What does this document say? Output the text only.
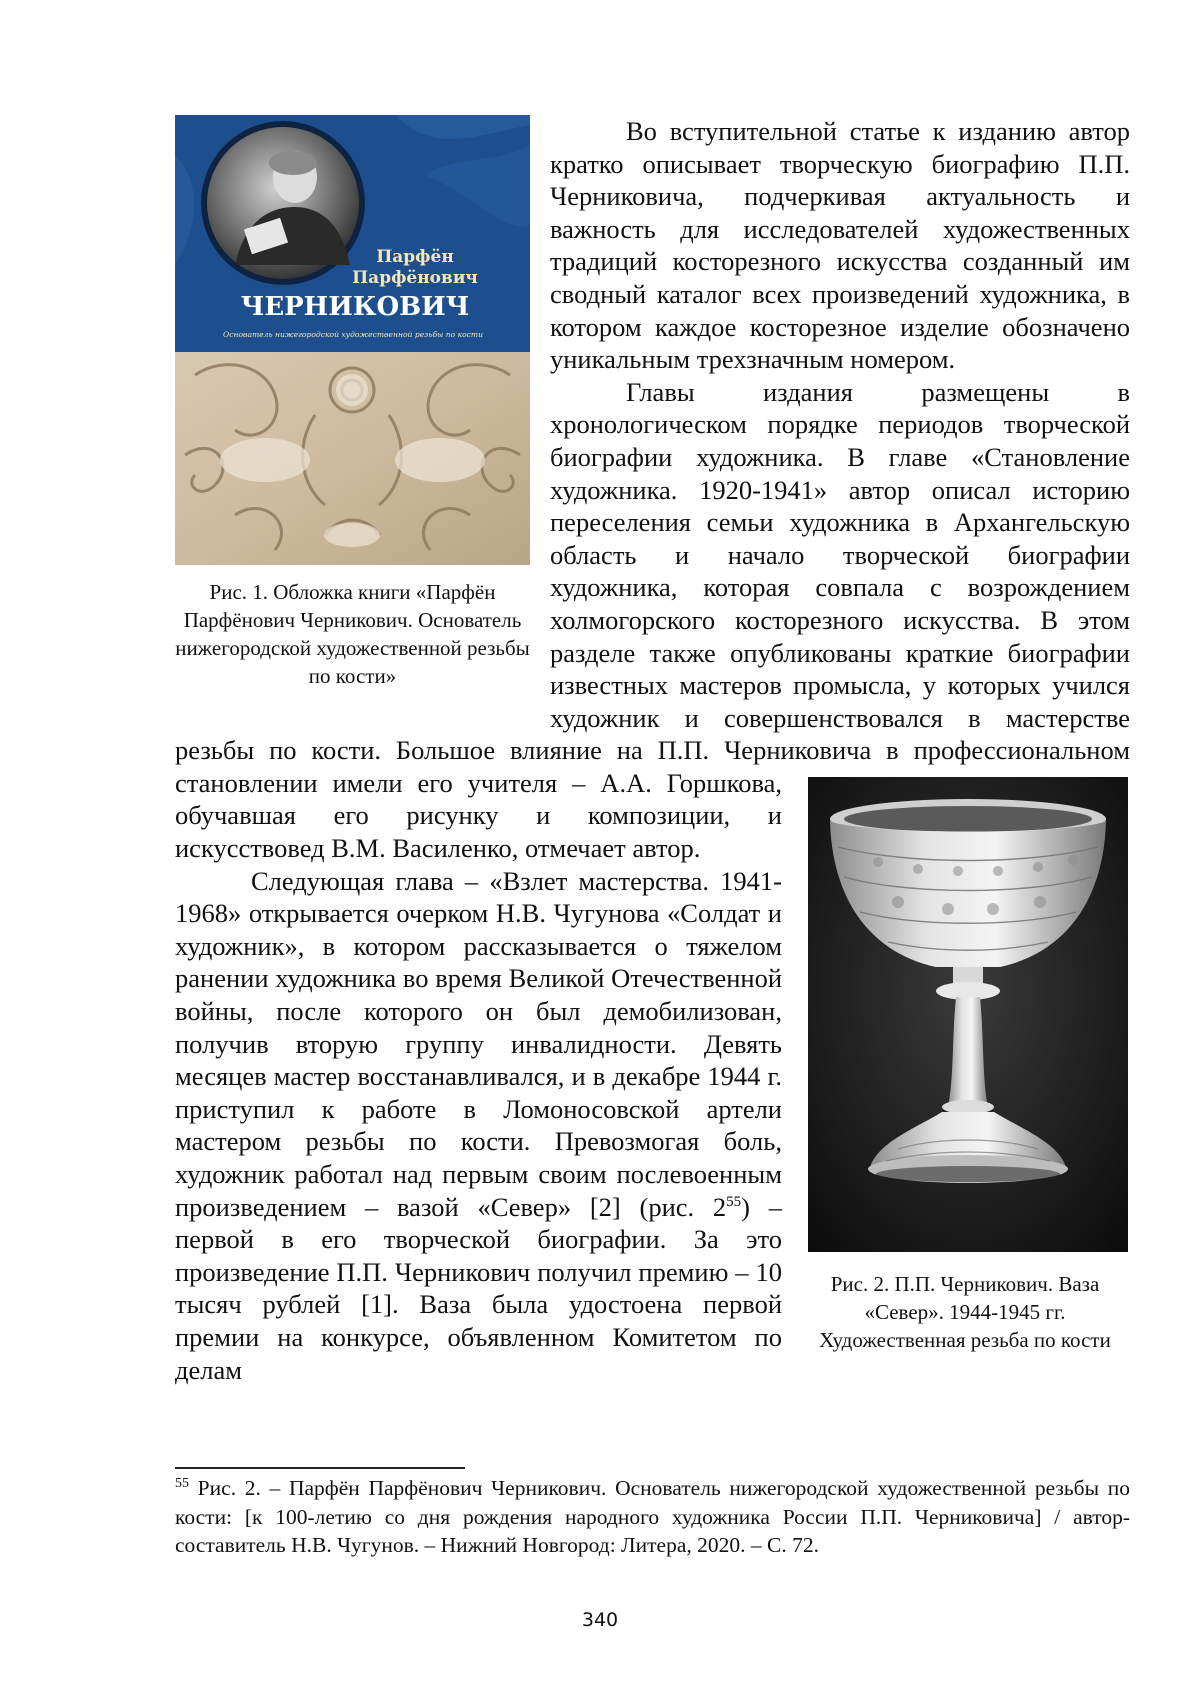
Парфён
Парфёнович
ЧЕРНИКОВИЧ
Основатель нижегородской художественной резьбы по кости
Рис. 1. Обложка книги «Парфён Парфёнович Черникович. Основатель нижегородской художественной резьбы по кости»

Во вступительной статье к изданию автор кратко описывает творческую биографию П.П. Черниковича, подчеркивая актуальность и важность для исследователей художественных традиций косторезного искусства созданный им сводный каталог всех произведений художника, в котором каждое косторезное изделие обозначено уникальным трехзначным номером.

Главы издания размещены в хронологическом порядке периодов творческой биографии художника. В главе «Становление художника. 1920-1941» автор описал историю переселения семьи художника в Архангельскую область и начало творческой биографии художника, которая совпала с возрождением холмогорского косторезного искусства. В этом разделе также опубликованы краткие биографии известных мастеров промысла, у которых учился художник и совершенствовался в мастерстве резьбы по кости. Большое влияние на П.П. Черниковича в профессиональном
Рис. 2. П.П. Черникович. Ваза «Север». 1944-1945 гг. Художественная резьба по кости
становлении имели его учителя – А.А. Горшкова, обучавшая его рисунку и композиции, и искусствовед В.М. Василенко, отмечает автор.

Следующая глава – «Взлет мастерства. 1941-1968» открывается очерком Н.В. Чугунова «Солдат и художник», в котором рассказывается о тяжелом ранении художника во время Великой Отечественной войны, после которого он был демобилизован, получив вторую группу инвалидности. Девять месяцев мастер восстанавливался, и в декабре 1944 г. приступил к работе в Ломоносовской артели мастером резьбы по кости. Превозмогая боль, художник работал над первым своим послевоенным произведением – вазой «Север» [2] (рис. $2^{55}$) – первой в его творческой биографии. За это произведение П.П. Черникович получил премию – 10 тысяч рублей [1]. Ваза была удостоена первой премии на конкурсе, объявленном Комитетом по делам

$^{55}$ Рис. 2. – Парфён Парфёнович Черникович. Основатель нижегородской художественной резьбы по кости: [к 100-летию со дня рождения народного художника России П.П. Черниковича] / автор-составитель Н.В. Чугунов. – Нижний Новгород: Литера, 2020. – С. 72.
340
